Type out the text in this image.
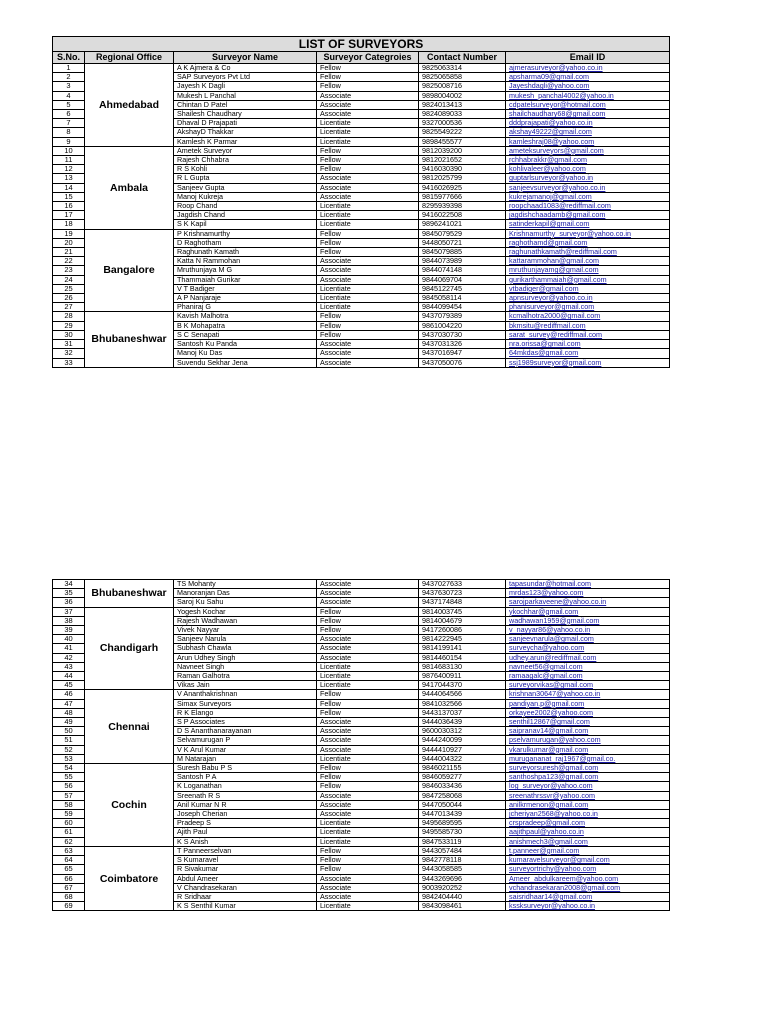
LIST OF SURVEYORS					
S.No.	Regional Office	Surveyor Name	Surveyor Categroies	Contact Number	Email ID
1	Ahmedabad	A K Ajmera & Co	Fellow	9825063314	ajmerasurveyor@yahoo.co.in
2		SAP Surveyors Pvt Ltd	Fellow	9825065858	apsharma09@gmail.com
3		Jayesh K Dagli	Fellow	9825008716	Jayeshdagli@yahoo.com
4		Mukesh L Panchal	Associate	9898004002	mukesh_panchal4002@yahoo.in
5		Chintan D Patel	Associate	9824013413	cdpatelsurveyor@hotmail.com
6		Shailesh Chaudhary	Associate	9824089033	shailchaudhary68@gmail.com
7		Dhaval D Prajapati	Licentiate	9327000536	dddprajapati@yahoo.co.in
8		AkshayD Thakkar	Licentiate	9825549222	akshay49222@gmail.com
9		Kamlesh K Parmar	Licentiate	9898455577	kamleshraj08@yahoo.com
10	Ambala	Ametek Surveyor	Fellow	9812039200	ameteksurveyors@gmail.com
11		Rajesh Chhabra	Fellow	9812021652	rchhabrakkr@gmail.com
12		R S Kohli	Fellow	9416030390	kohlivaleer@yahoo.com
13		R L Gupta	Associate	9812025799	guptarlsurveyor@yahoo.in
14		Sanjeev Gupta	Associate	9416026925	sanjeevsurveyor@yahoo.co.in
15		Manoj Kukreja	Associate	9815977666	kukrejamanoj@gmail.com
16		Roop Chand	Licentiate	8295939398	roopchaad1083@rediffmail.com
17		Jagdish Chand	Licentiate	9416022508	jagdishchaadamb@gmail.com
18		S K Kapil	Licentiate	9896241021	satinderkapil@gmail.com
19	Bangalore	P Krishnamurthy	Fellow	9845079529	Krishnamurthy_surveyor@yahoo.co.in
20		D Raghotham	Fellow	9448050721	raghothamd@gmail.com
21		Raghunath Kamath	Fellow	9845079885	raghunathkamath@rediffmail.com
22		Katta N Rammohan	Associate	9844073989	kattarammohan@gmail.com
23		Mruthunjaya M G	Associate	9844074148	mruthunjayamg@gmail.com
24		Thammaiah Gurikar	Associate	9844069704	gurikarthammaiah@gmail.com
25		V T Badiger	Licentiate	9845122745	vtbadiger@gmail.com
26		A P Nanjaraje	Licentiate	9845058114	apnsurveyor@yahoo.co.in
27		Phaniraj G	Licentiate	9844099454	phanisurveyor@gmail.com
28	Bhubaneshwar	Kavish Malhotra	Fellow	9437079389	kcmalhotra2000@gmail.com
29		B K Mohapatra	Fellow	9861004220	bkmsitu@rediffmail.com
30		S C Senapati	Fellow	9437030730	sarat_survey@rediffmail.com
31		Santosh Ku Panda	Associate	9437031326	nra.orissa@gmail.com
32		Manoj Ku Das	Associate	9437016947	64mkdas@gmail.com
33		Suvendu Sekhar Jena	Associate	9437050076	ssj1989surveyor@gmail.com
34	Bhubaneshwar	TS Mohanty	Associate	9437027633	tapasundar@hotmail.com
35		Manoranjan Das	Associate	9437630723	mrdas123@yahoo.com
36		Saroj Ku Sahu	Associate	9437174848	sarojparkaveene@yahoo.co.in
37	Chandigarh	Yogesh Kochar	Fellow	9814003745	ykochhar@gmail.com
38		Rajesh Wadhawan	Fellow	9814004679	wadhawan1959@gmail.com
39		Vivek Nayyar	Fellow	9417260086	v_nayyar86@yahoo.co.in
40		Sanjeev Narula	Associate	9814222945	sanjeevnarula@gmail.com
41		Subhash Chawla	Associate	9814199141	surveycha@yahoo.com
42		Arun Udhey Singh	Associate	9814460154	udhey.arun@rediffmail.com
43		Navneet Singh	Licentiate	9814683130	navneet56@gmail.com
44		Raman Galhotra	Licentiate	9876400911	ramaagalc@gmail.com
45		Vikas Jain	Licentiate	9417044370	surveyorvikas@gmail.com
46	Chennai	V Ananthakrishnan	Fellow	9444064566	krishnan30647@yahoo.co.in
47		Simax Surveyors	Fellow	9841032566	pandiyan.p@gmail.com
48		R K Elango	Fellow	9443137037	orkayee2002@yahoo.com
49		S P Associates	Associate	9444036439	senthil12867@gmail.com
50		D S Ananthanarayanan	Associate	9600030312	saipranav14@gmail.com
51		Selvamurugan P	Associate	9444240099	pselvamurugan@yahoo.com
52		V K Arul Kumar	Associate	9444410927	vkarulkumar@gmail.com
53		M Natarajan	Licentiate	9444004322	murugananat_raj1967@gmail.co.
54	Cochin	Suresh Babu P S	Fellow	9846021155	surveyorsuresh@gmail.com
55		Santosh P A	Fellow	9846059277	santhoshpa123@gmail.com
56		K Loganathan	Fellow	9846033436	log_surveyor@yahoo.com
57		Sreenath R S	Associate	9847258068	sreenathrssvr@yahoo.com
58		Anil Kumar N R	Associate	9447050044	anilkrmenon@gmail.com
59		Joseph Cherian	Associate	9447013439	jcheriyan2568@yahoo.co.in
60		Pradeep S	Licentiate	9495689595	crspradeep@gmail.com
61		Ajith Paul	Licentiate	9495585730	aajithpaul@yahoo.co.in
62		K S Anish	Licentiate	9847533119	anishmech3@gmail.com
63	Coimbatore	T Panneerselvan	Fellow	9443057484	t.panneer@gmail.com
64		S Kumaravel	Fellow	9842778118	kumaravelsurveyor@gmail.com
65		R Sivakumar	Fellow	9443058585	surveyortrichy@yahoo.com
66		Abdul Ameer	Associate	9443269696	Ameer_abdulkareem@yahoo.com
67		V Chandrasekaran	Associate	9003920252	vchandrasekaran2008@gmail.com
68		R Sridhaar	Associate	9842404440	saisridhaar14@gmail.com
69		K S Senthil Kumar	Licentiate	9843098461	kssksurveyor@yahoo.co.in
